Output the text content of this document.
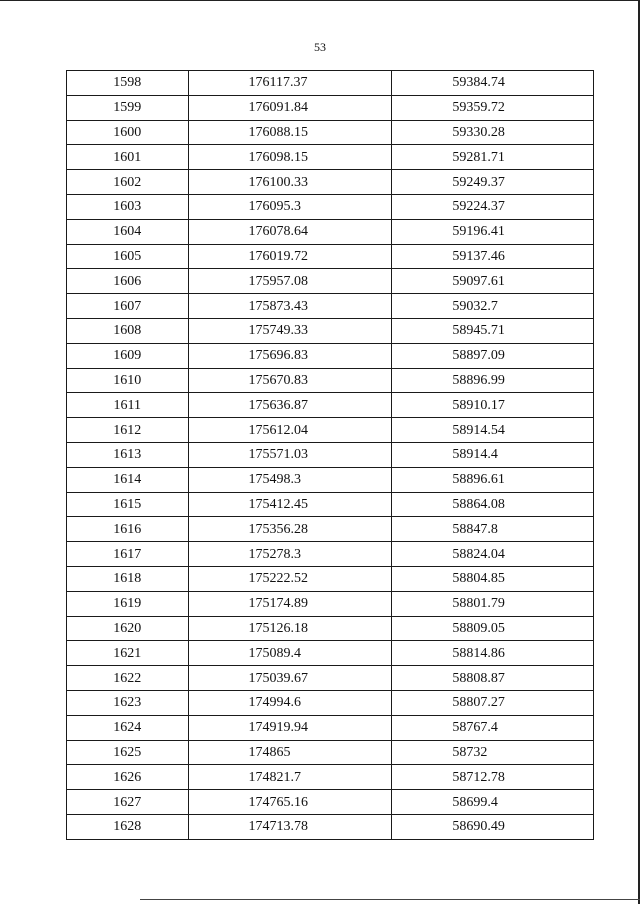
53
1598	176117.37	59384.74
1599	176091.84	59359.72
1600	176088.15	59330.28
1601	176098.15	59281.71
1602	176100.33	59249.37
1603	176095.3	59224.37
1604	176078.64	59196.41
1605	176019.72	59137.46
1606	175957.08	59097.61
1607	175873.43	59032.7
1608	175749.33	58945.71
1609	175696.83	58897.09
1610	175670.83	58896.99
1611	175636.87	58910.17
1612	175612.04	58914.54
1613	175571.03	58914.4
1614	175498.3	58896.61
1615	175412.45	58864.08
1616	175356.28	58847.8
1617	175278.3	58824.04
1618	175222.52	58804.85
1619	175174.89	58801.79
1620	175126.18	58809.05
1621	175089.4	58814.86
1622	175039.67	58808.87
1623	174994.6	58807.27
1624	174919.94	58767.4
1625	174865	58732
1626	174821.7	58712.78
1627	174765.16	58699.4
1628	174713.78	58690.49
